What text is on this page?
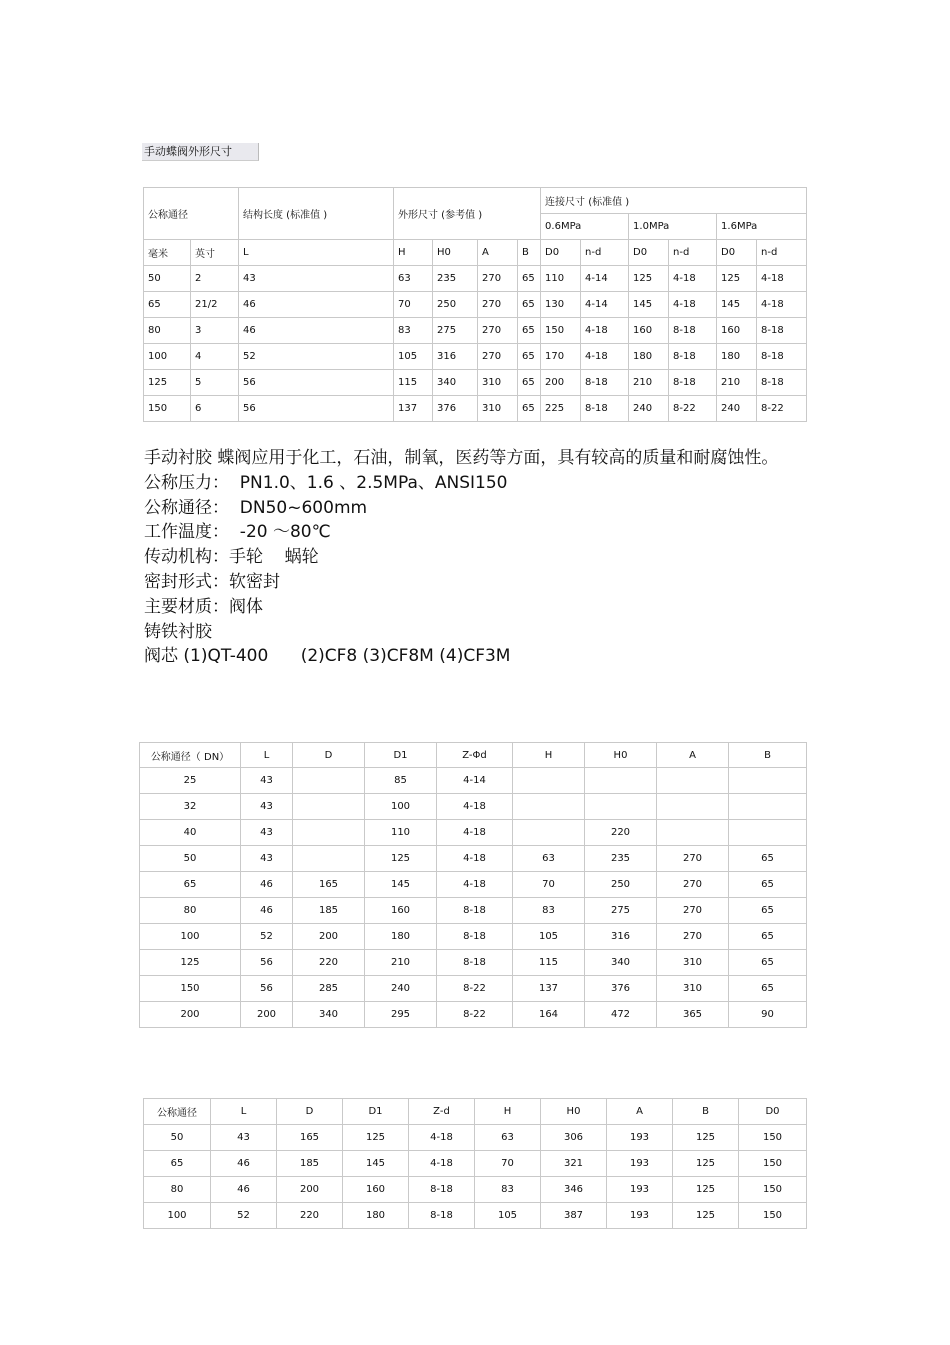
手动蝶阀外形尺寸
公称通径		结构长度 (标准值 )	外形尺寸 (参考值 )				连接尺寸 (标准值 )					
							0.6MPa		1.0MPa		1.6MPa	
毫米	英寸	L	H	H0	A	B	D0	n-d	D0	n-d	D0	n-d
50	2	43	63	235	270	65	110	4-14	125	4-18	125	4-18
65	21/2	46	70	250	270	65	130	4-14	145	4-18	145	4-18
80	3	46	83	275	270	65	150	4-18	160	8-18	160	8-18
100	4	52	105	316	270	65	170	4-18	180	8-18	180	8-18
125	5	56	115	340	310	65	200	8-18	210	8-18	210	8-18
150	6	56	137	376	310	65	225	8-18	240	8-22	240	8-22
手动衬胶 蝶阀应用于化工，石油，制氧，医药等方面，具有较高的质量和耐腐蚀性。
公称压力：  PN1.0、1.6 、2.5MPa、ANSI150
公称通径：  DN50~600mm
工作温度：  -20 ～80℃
传动机构：手轮    蜗轮
密封形式：软密封
主要材质：阀体
铸铁衬胶
阀芯 (1)QT-400      (2)CF8 (3)CF8M (4)CF3M
公称通径（ DN）	L	D	D1	Z-Φd	H	H0	A	B
25	43		85	4-14				
32	43		100	4-18				
40	43		110	4-18		220		
50	43		125	4-18	63	235	270	65
65	46	165	145	4-18	70	250	270	65
80	46	185	160	8-18	83	275	270	65
100	52	200	180	8-18	105	316	270	65
125	56	220	210	8-18	115	340	310	65
150	56	285	240	8-22	137	376	310	65
200	200	340	295	8-22	164	472	365	90
公称通径	L	D	D1	Z-d	H	H0	A	B	D0
50	43	165	125	4-18	63	306	193	125	150
65	46	185	145	4-18	70	321	193	125	150
80	46	200	160	8-18	83	346	193	125	150
100	52	220	180	8-18	105	387	193	125	150
